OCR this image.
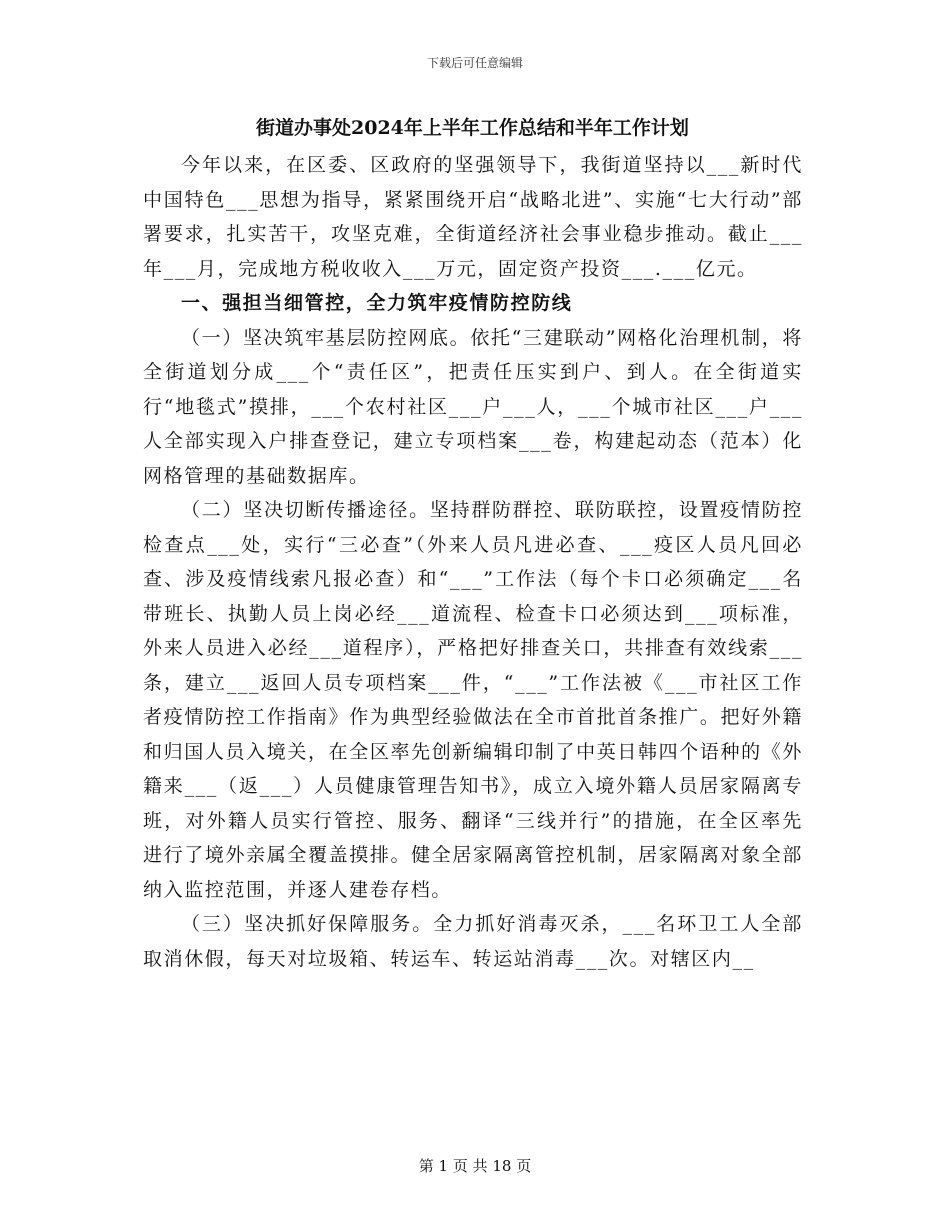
下载后可任意编辑
街道办事处2024年上半年工作总结和半年工作计划

今年以来，在区委、区政府的坚强领导下，我街道坚持以___新时代中国特色___思想为指导，紧紧围绕开启“战略北进”、实施“七大行动”部署要求，扎实苦干，攻坚克难，全街道经济社会事业稳步推动。截止___年___月，完成地方税收收入___万元，固定资产投资___.___亿元。

一、强担当细管控，全力筑牢疫情防控防线

（一）坚决筑牢基层防控网底。依托“三建联动”网格化治理机制，将全街道划分成___个“责任区”，把责任压实到户、到人。在全街道实行“地毯式”摸排，___个农村社区___户___人，___个城市社区___户___人全部实现入户排查登记，建立专项档案___卷，构建起动态（范本）化网格管理的基础数据库。

（二）坚决切断传播途径。坚持群防群控、联防联控，设置疫情防控检查点___处，实行“三必查”（外来人员凡进必查、___疫区人员凡回必查、涉及疫情线索凡报必查）和“___”工作法（每个卡口必须确定___名带班长、执勤人员上岗必经___道流程、检查卡口必须达到___项标准，外来人员进入必经___道程序），严格把好排查关口，共排查有效线索___条，建立___返回人员专项档案___件，“___”工作法被《___市社区工作者疫情防控工作指南》作为典型经验做法在全市首批首条推广。把好外籍和归国人员入境关，在全区率先创新编辑印制了中英日韩四个语种的《外籍来___（返___）人员健康管理告知书》，成立入境外籍人员居家隔离专班，对外籍人员实行管控、服务、翻译“三线并行”的措施，在全区率先进行了境外亲属全覆盖摸排。健全居家隔离管控机制，居家隔离对象全部纳入监控范围，并逐人建卷存档。

（三）坚决抓好保障服务。全力抓好消毒灭杀，___名环卫工人全部取消休假，每天对垃圾箱、转运车、转运站消毒___次。对辖区内__

第 1 页 共 18 页
